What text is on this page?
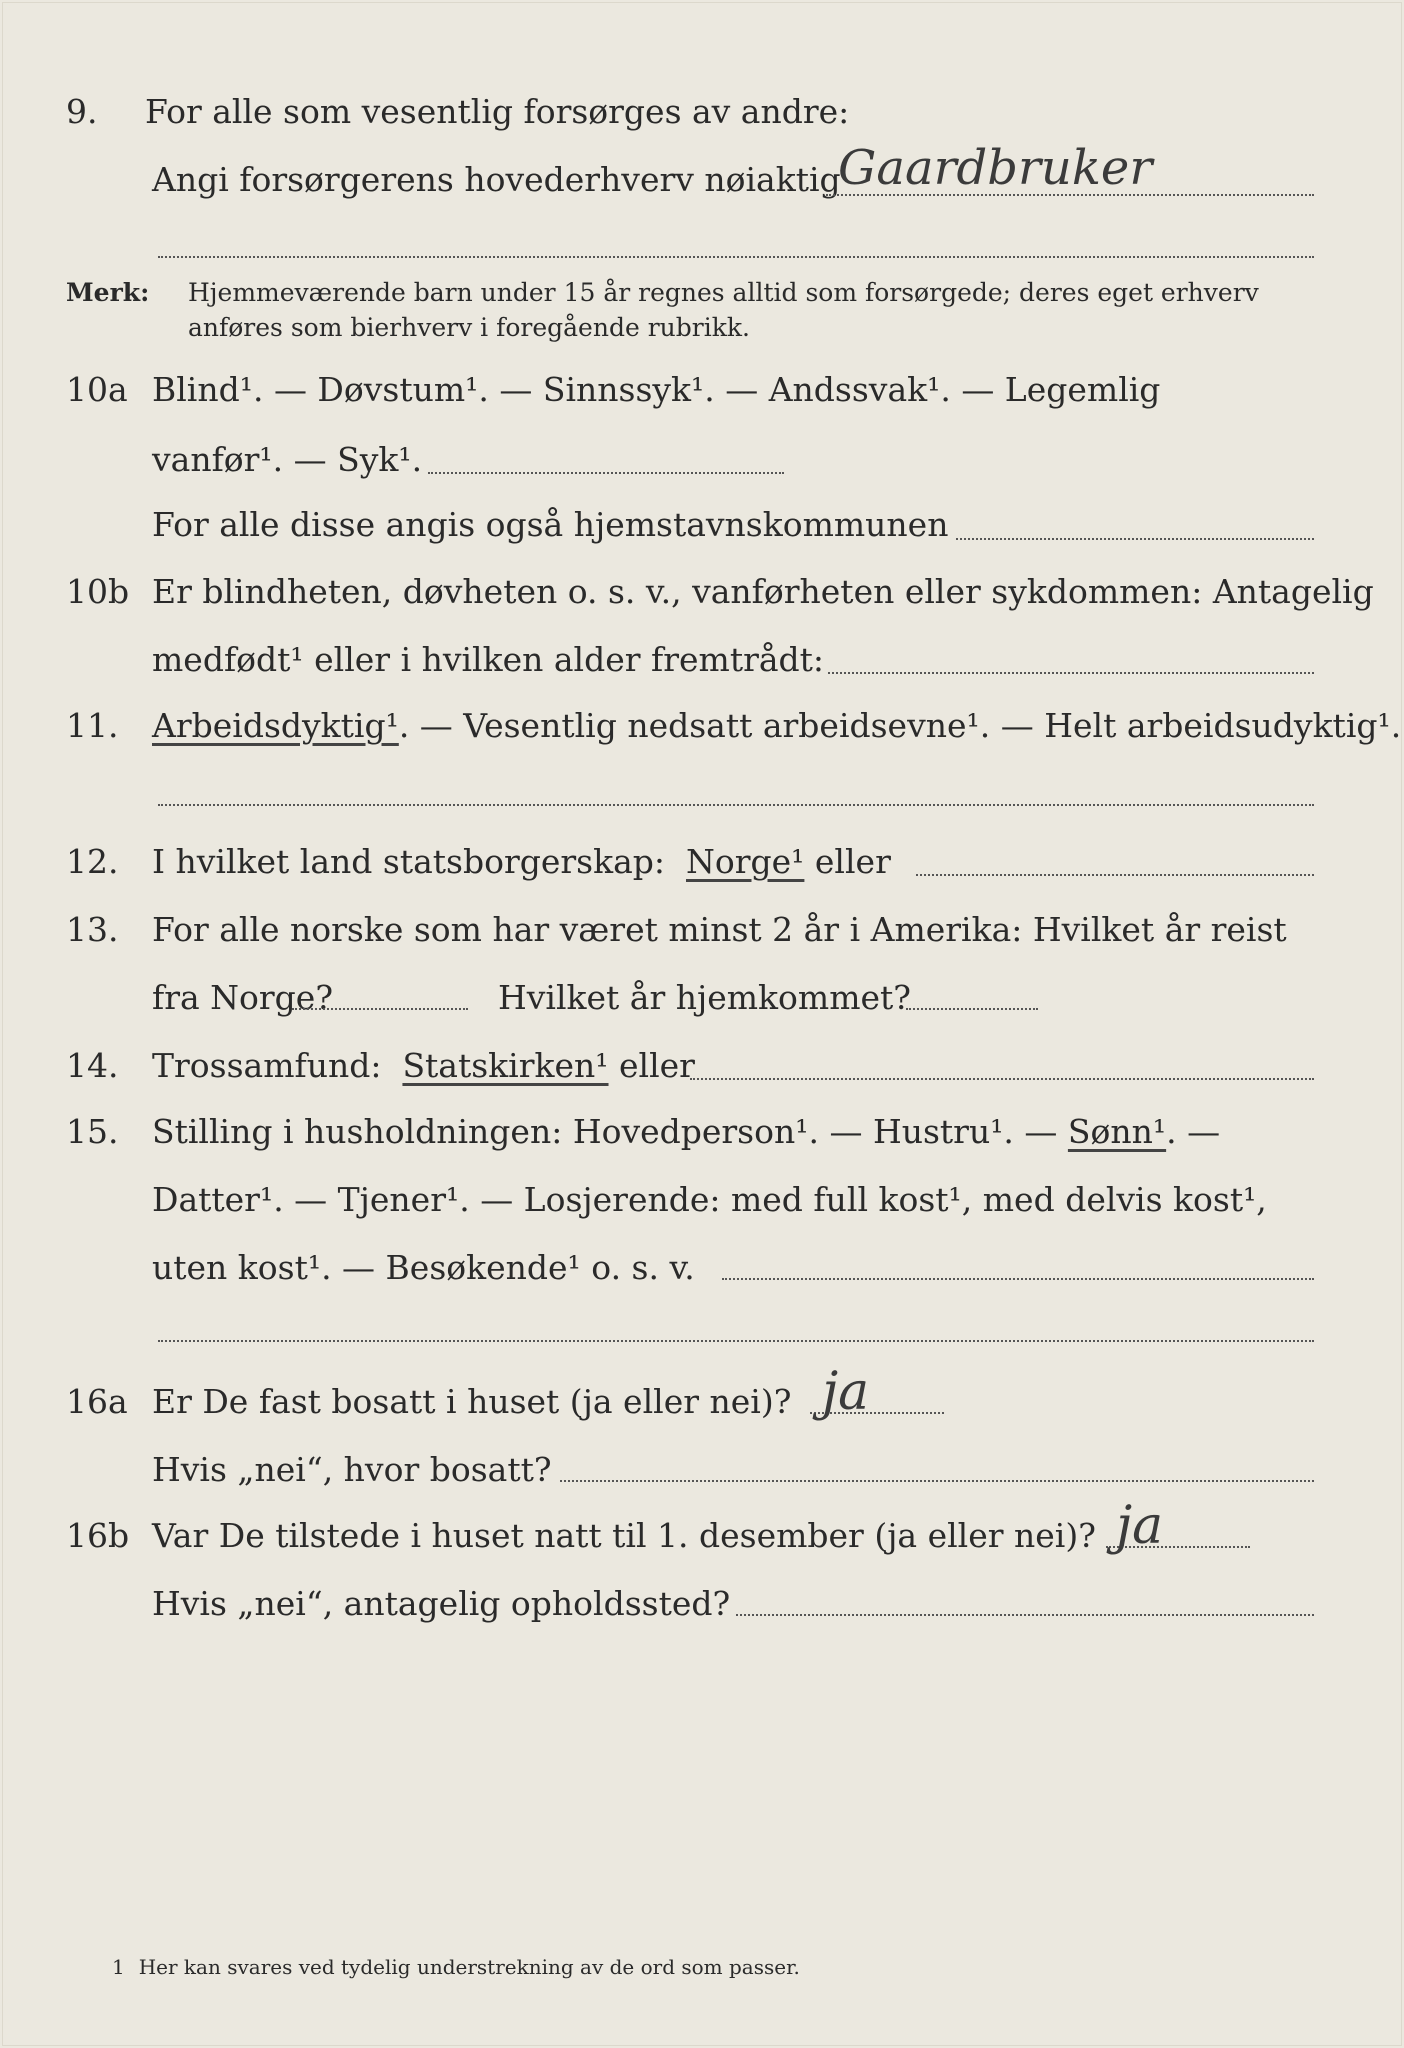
9. For alle som vesentlig forsørges av andre:
Angi forsørgerens hovederhverv nøiaktig
Gaardbruker
Merk: Hjemmeværende barn under 15 år regnes alltid som forsørgede; deres eget erhverv
anføres som bierhverv i foregående rubrikk.
10a Blind¹. — Døvstum¹. — Sinnssyk¹. — Andssvak¹. — Legemlig
vanfør¹. — Syk¹.
For alle disse angis også hjemstavnskommunen
10b Er blindheten, døvheten o. s. v., vanførheten eller sykdommen: Antagelig
medfødt¹ eller i hvilken alder fremtrådt:
11. Arbeidsdyktig¹. — Vesentlig nedsatt arbeidsevne¹. — Helt arbeidsudyktig¹.
12. I hvilket land statsborgerskap: Norge¹ eller
13. For alle norske som har været minst 2 år i Amerika: Hvilket år reist
fra Norge?	Hvilket år hjemkommet?
14. Trossamfund: Statskirken¹ eller
15. Stilling i husholdningen: Hovedperson¹. — Hustru¹. — Sønn¹. —
Datter¹. — Tjener¹. — Losjerende: med full kost¹, med delvis kost¹,
uten kost¹. — Besøkende¹ o. s. v.
16a Er De fast bosatt i huset (ja eller nei)? ja
Hvis „nei“, hvor bosatt?
16b Var De tilstede i huset natt til 1. desember (ja eller nei)? ja
Hvis „nei“, antagelig opholdssted?
1 Her kan svares ved tydelig understrekning av de ord som passer.
